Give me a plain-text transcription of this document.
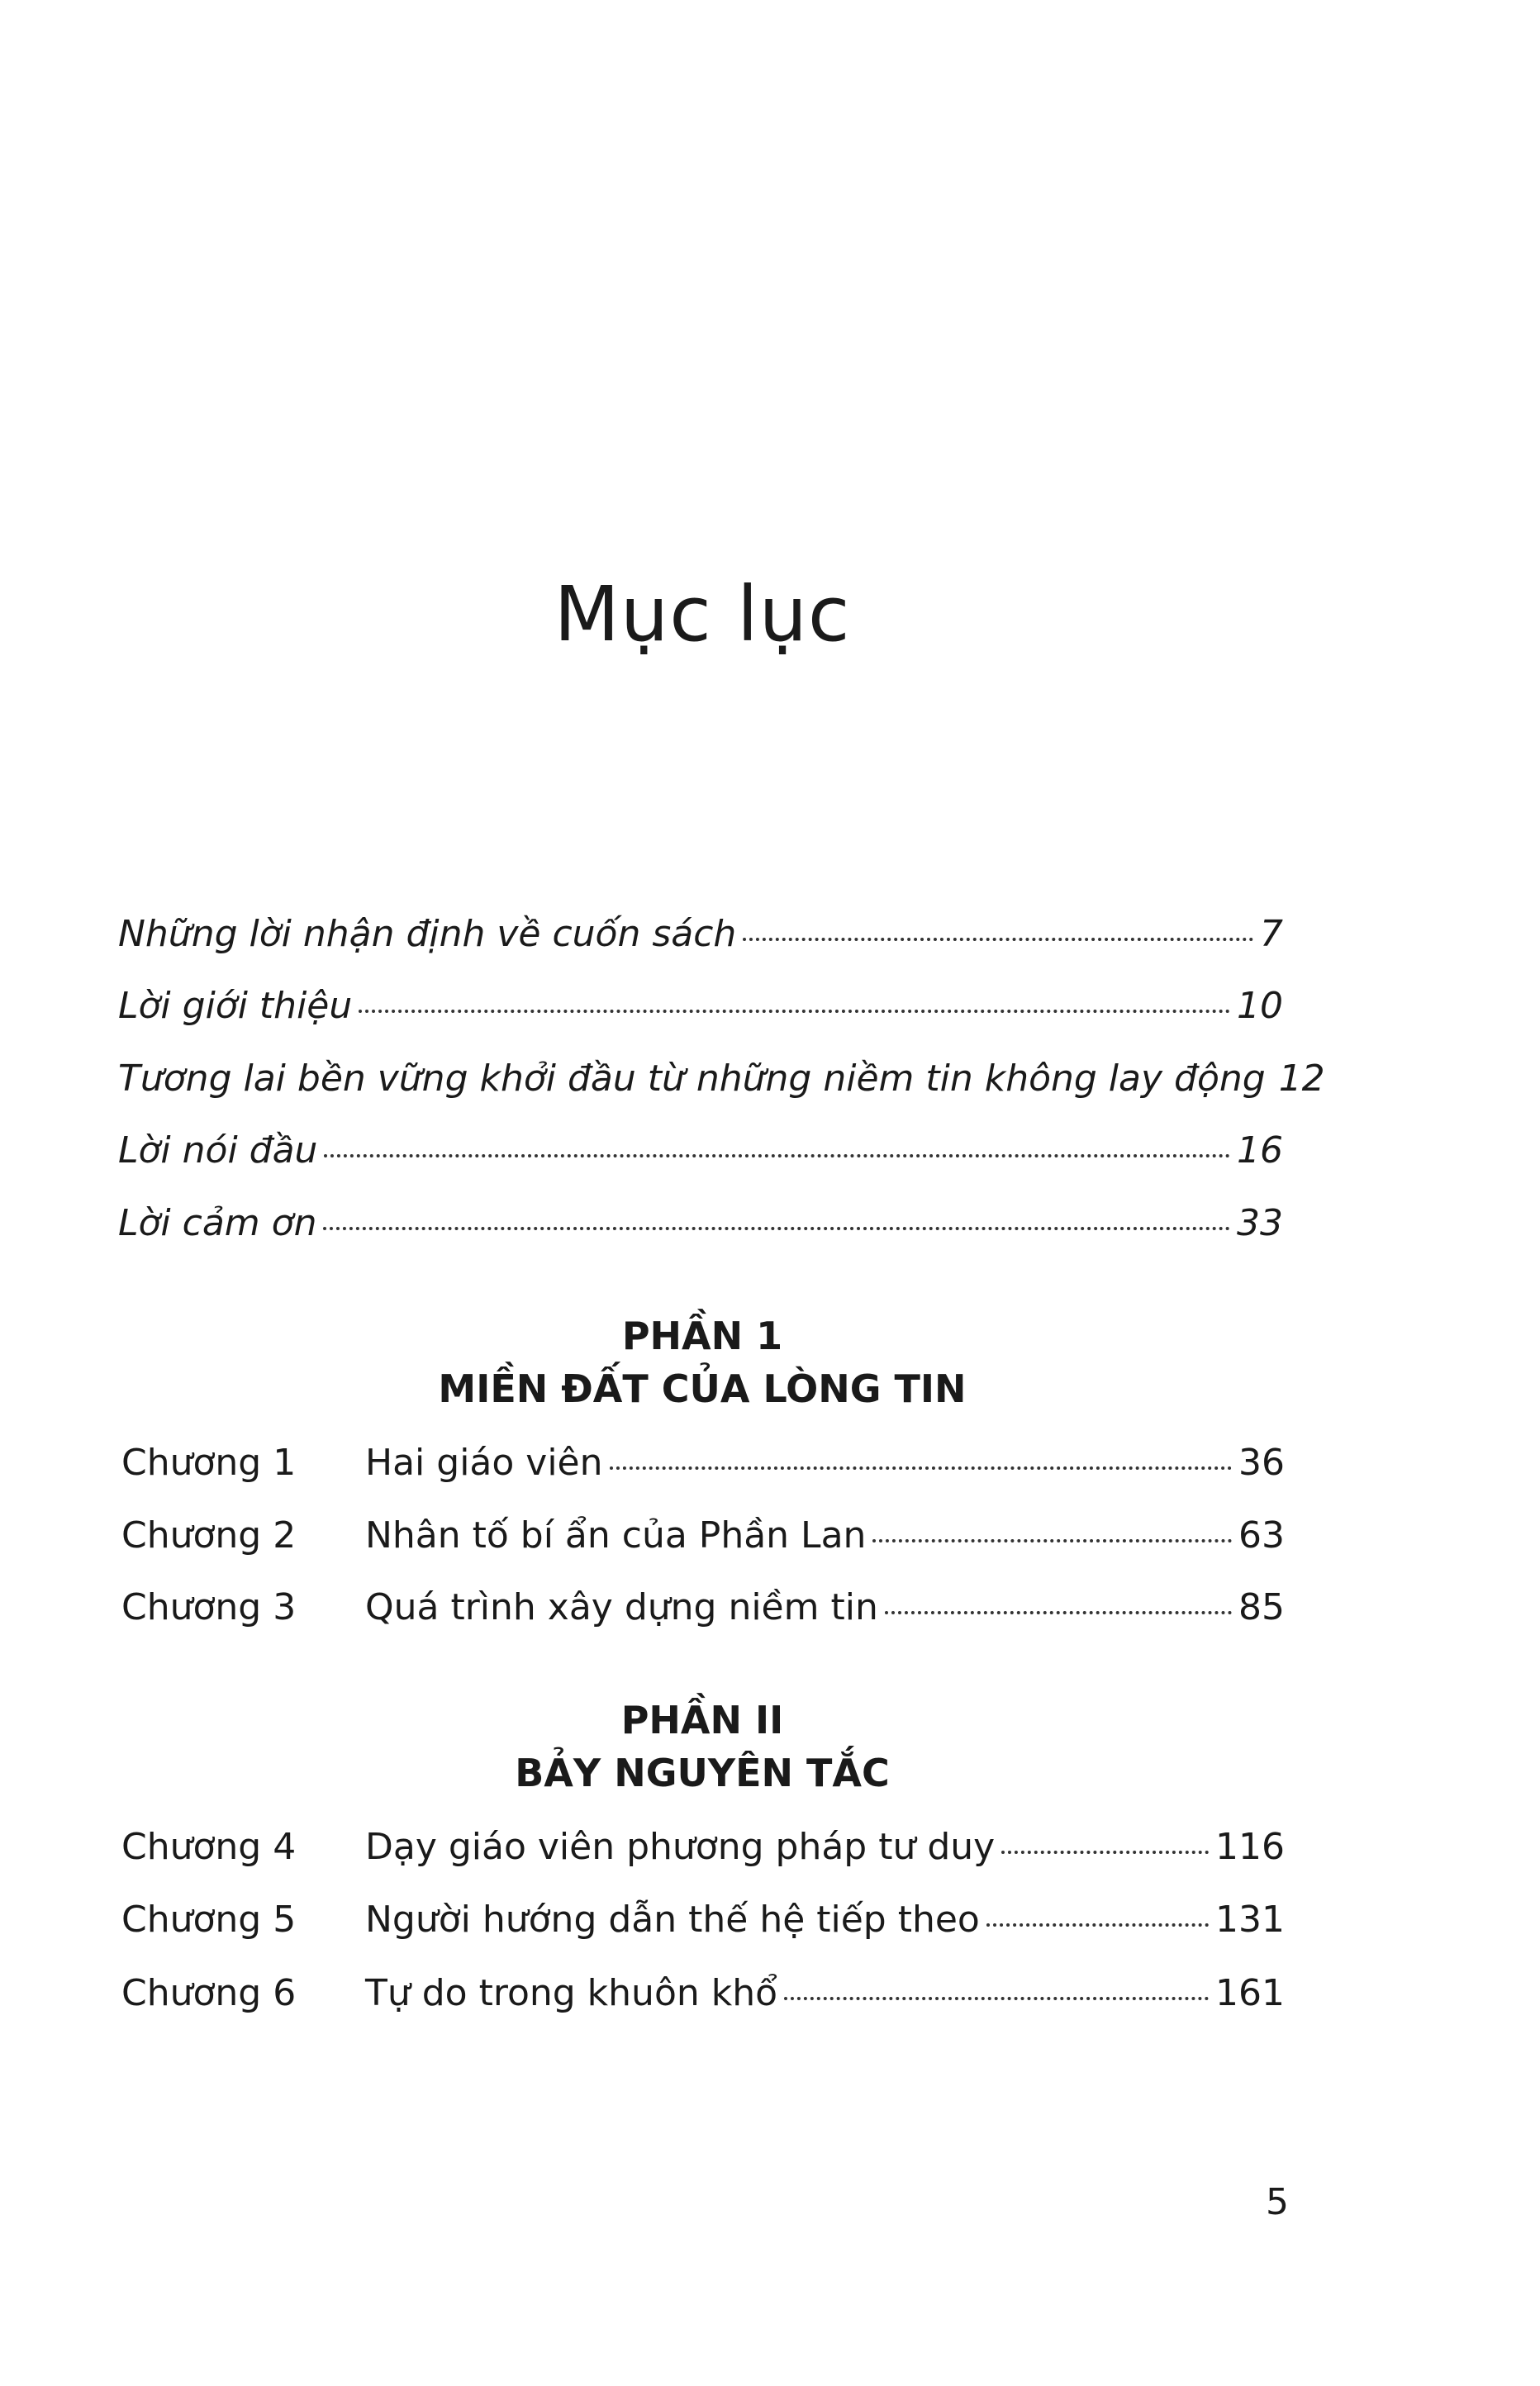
Mục lục
Những lời nhận định về cuốn sách	7
Lời giới thiệu	10
Tương lai bền vững khởi đầu từ những niềm tin không lay động 12
Lời nói đầu	16
Lời cảm ơn	33
PHẦN 1
MIỀN ĐẤT CỦA LÒNG TIN
Chương 1	Hai giáo viên	36
Chương 2	Nhân tố bí ẩn của Phần Lan	63
Chương 3	Quá trình xây dựng niềm tin	85
PHẦN II
BẢY NGUYÊN TẮC
Chương 4	Dạy giáo viên phương pháp tư duy	116
Chương 5	Người hướng dẫn thế hệ tiếp theo	131
Chương 6	Tự do trong khuôn khổ	161
5
